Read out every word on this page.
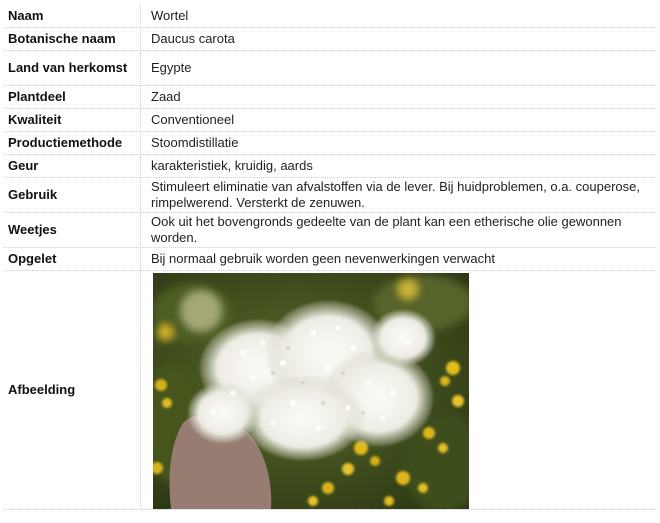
Naam	Wortel
Botanische naam	Daucus carota
Land van herkomst	Egypte
Plantdeel	Zaad
Kwaliteit	Conventioneel
Productiemethode	Stoomdistillatie
Geur	karakteristiek, kruidig, aards
Gebruik	Stimuleert eliminatie van afvalstoffen via de lever. Bij huidproblemen, o.a. couperose, rimpelwerend. Versterkt de zenuwen.
Weetjes	Ook uit het bovengronds gedeelte van de plant kan een etherische olie gewonnen worden.
Opgelet	Bij normaal gebruik worden geen nevenwerkingen verwacht
Afbeelding	
